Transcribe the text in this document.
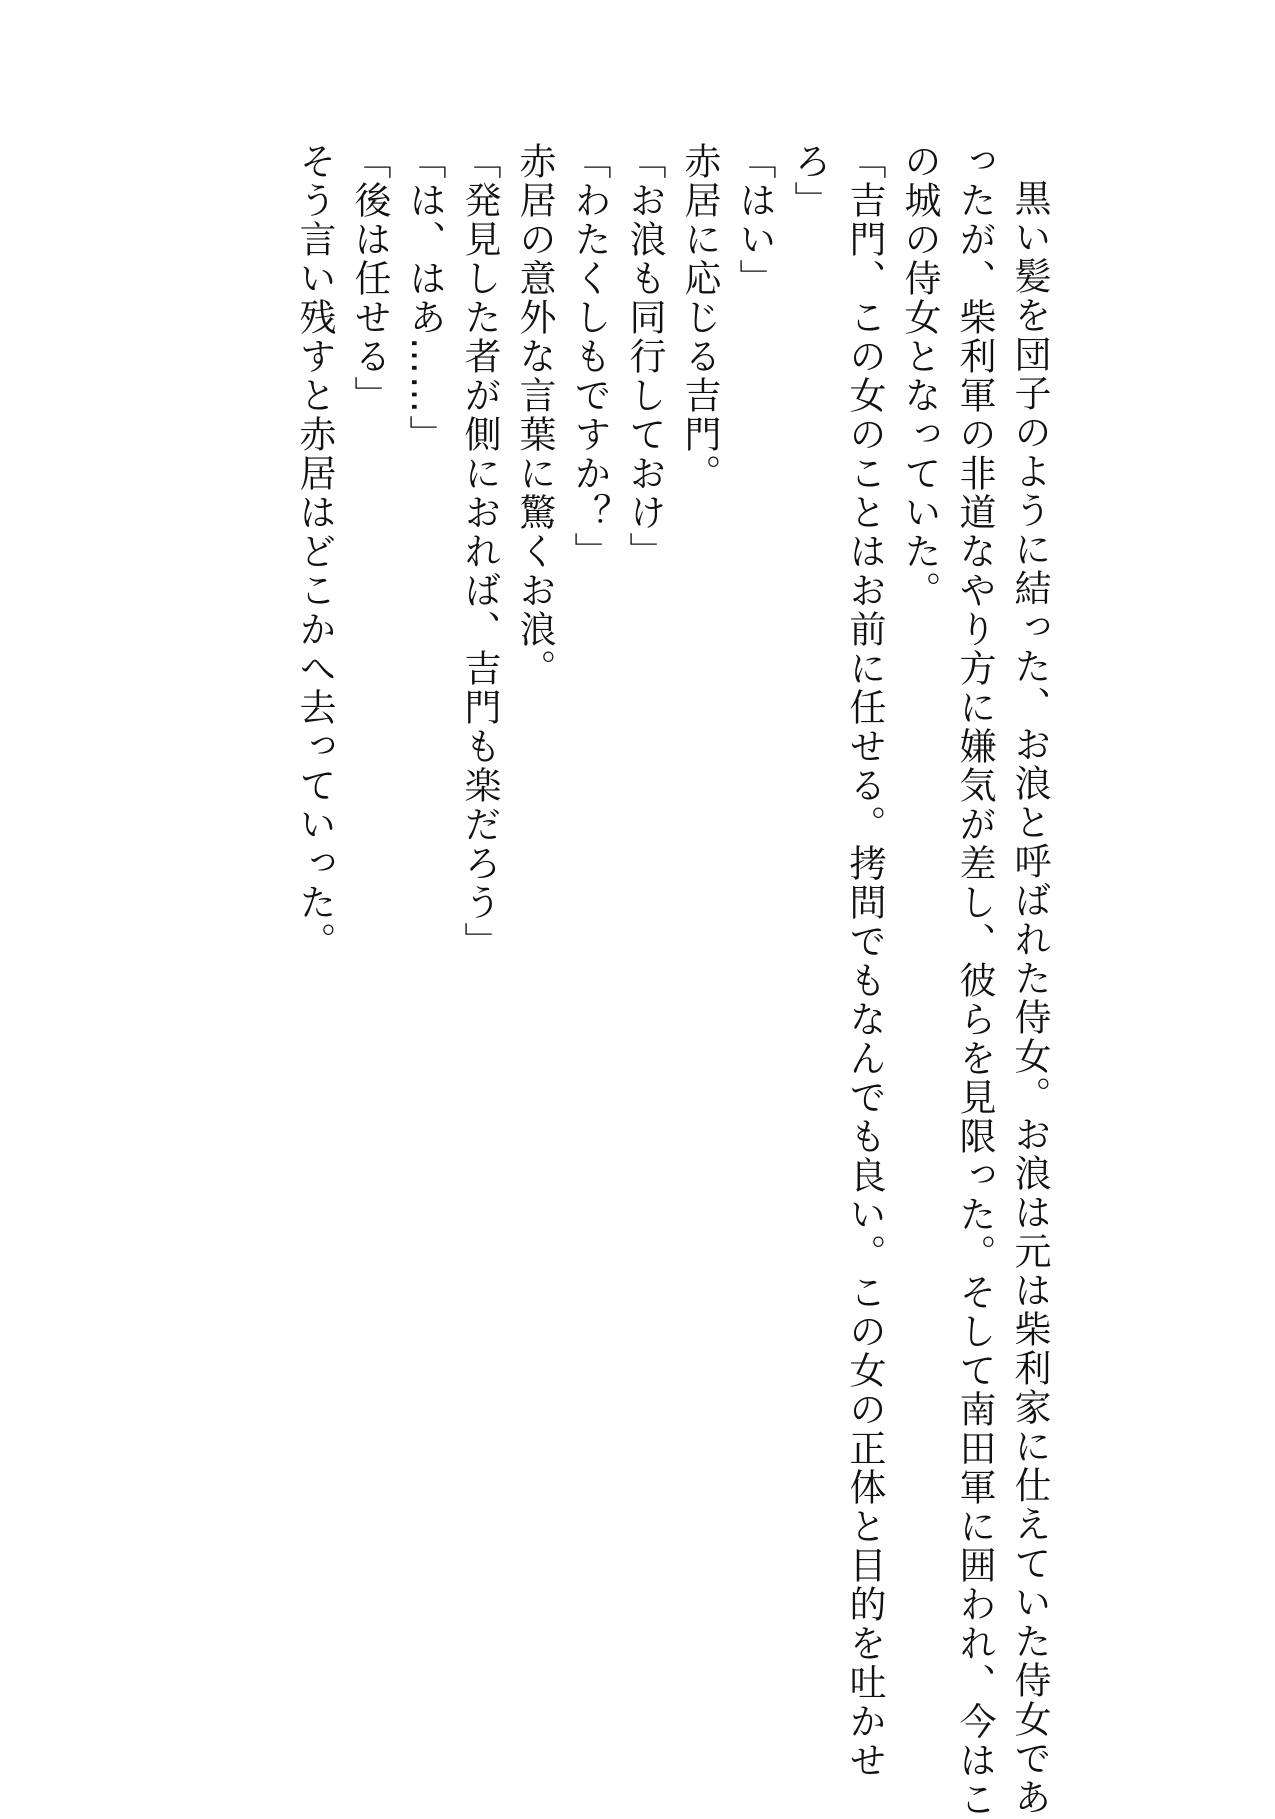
黒い髪を団子のように結った、お浪と呼ばれた侍女。お浪は元は柴利家に仕えていた侍女であ

ったが、柴利軍の非道なやり方に嫌気が差し、彼らを見限った。そして南田軍に囲われ、今はこ

の城の侍女となっていた。

「吉門、この女のことはお前に任せる。拷問でもなんでも良い。この女の正体と目的を吐かせ

ろ」

「はい」

赤居に応じる吉門。

「お浪も同行しておけ」

「わたくしもですか？」

赤居の意外な言葉に驚くお浪。

「発見した者が側におれば、吉門も楽だろう」

「は、はあ……」

「後は任せる」

そう言い残すと赤居はどこかへ去っていった。
